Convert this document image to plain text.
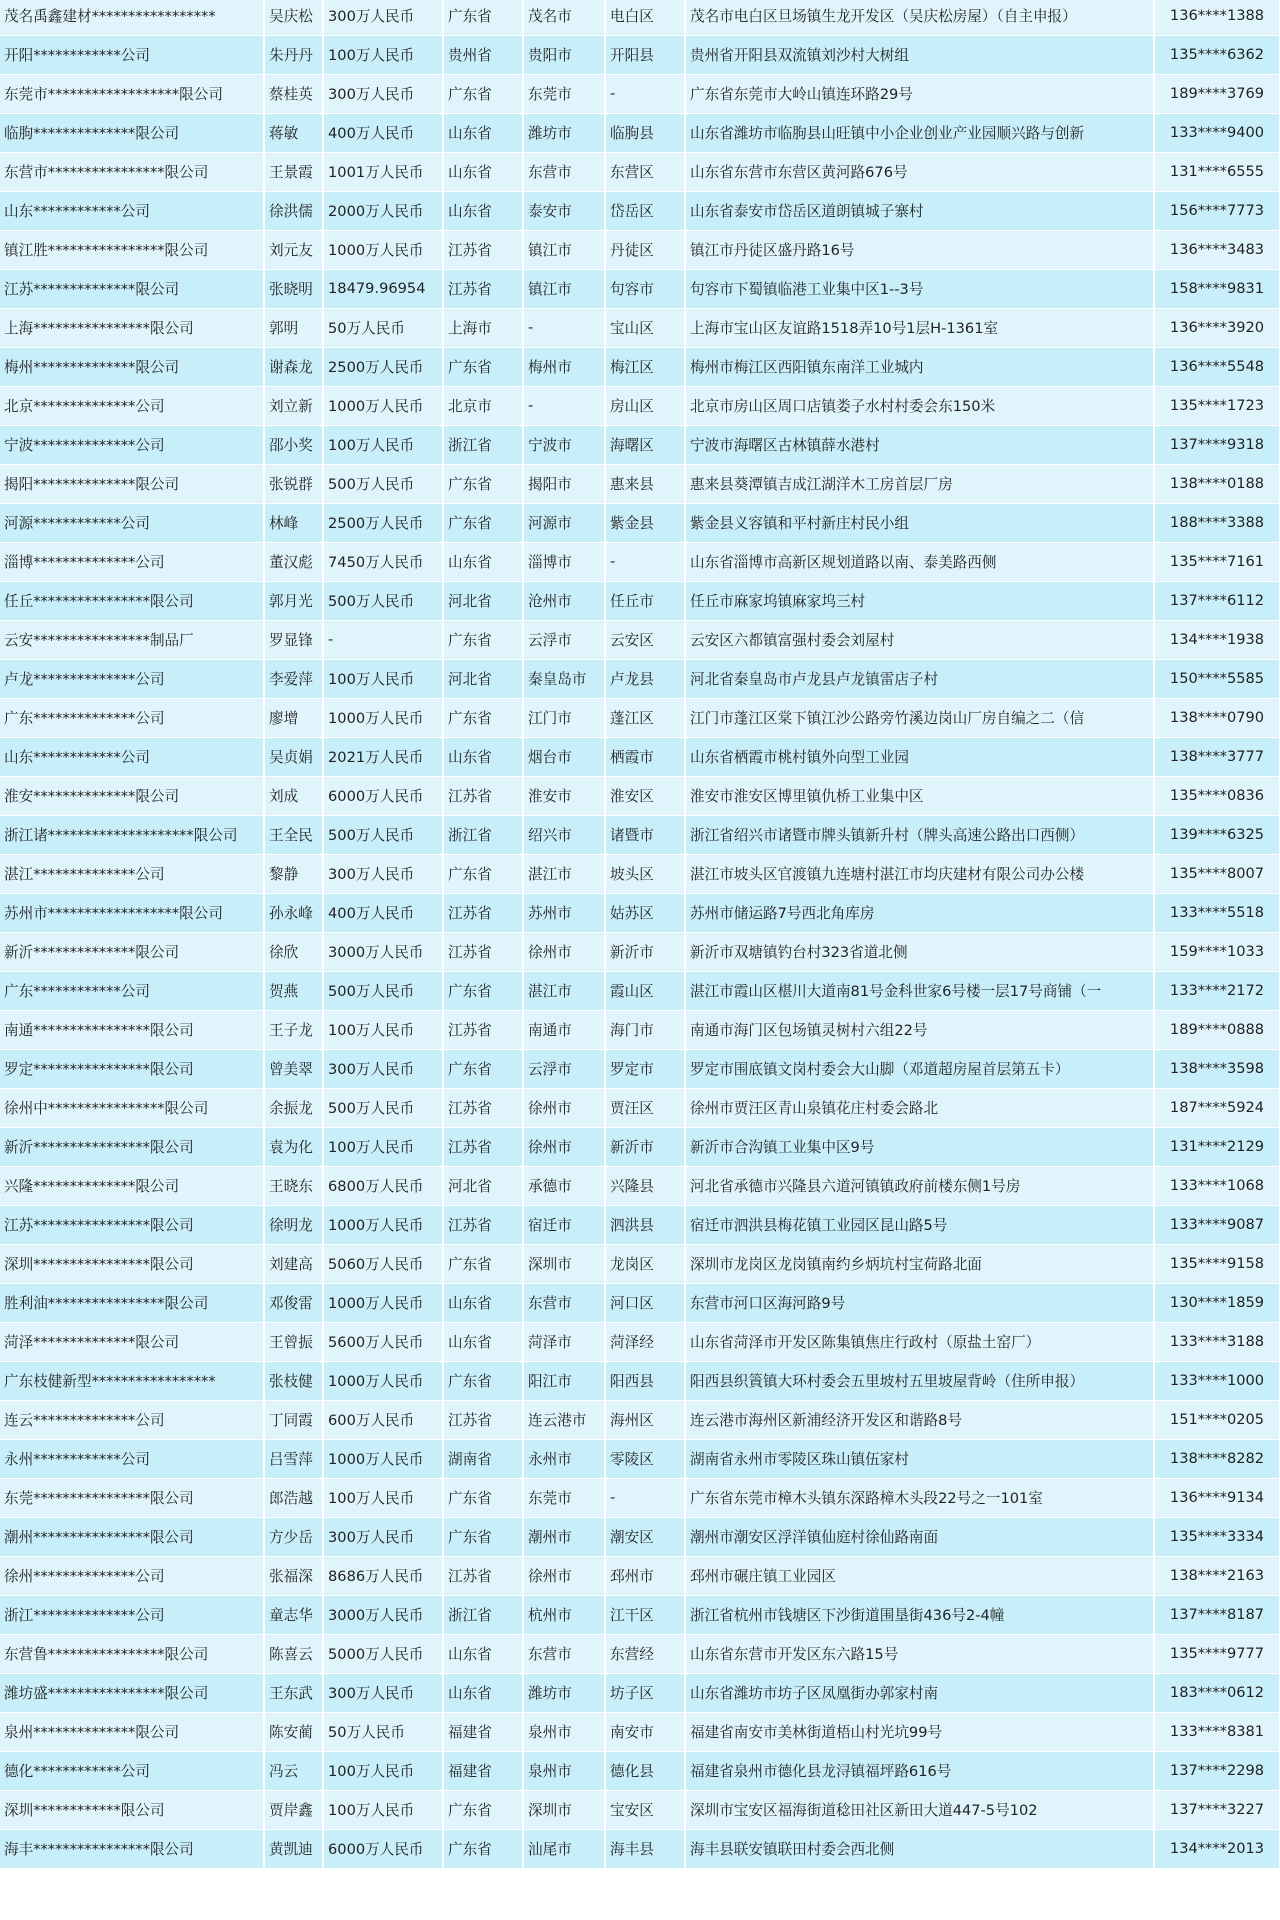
茂名禹鑫建材*****************	吴庆松	300万人民币	广东省	茂名市	电白区	茂名市电白区旦场镇生龙开发区（吴庆松房屋）（自主申报）	136****1388
开阳************公司	朱丹丹	100万人民币	贵州省	贵阳市	开阳县	贵州省开阳县双流镇刘沙村大树组	135****6362
东莞市******************限公司	蔡桂英	300万人民币	广东省	东莞市	-	广东省东莞市大岭山镇连环路29号	189****3769
临朐**************限公司	蒋敏	400万人民币	山东省	潍坊市	临朐县	山东省潍坊市临朐县山旺镇中小企业创业产业园顺兴路与创新	133****9400
东营市****************限公司	王景霞	1001万人民币	山东省	东营市	东营区	山东省东营市东营区黄河路676号	131****6555
山东************公司	徐洪儒	2000万人民币	山东省	泰安市	岱岳区	山东省泰安市岱岳区道朗镇城子寨村	156****7773
镇江胜****************限公司	刘元友	1000万人民币	江苏省	镇江市	丹徒区	镇江市丹徒区盛丹路16号	136****3483
江苏**************限公司	张晓明	18479.96954	江苏省	镇江市	句容市	句容市下蜀镇临港工业集中区1--3号	158****9831
上海****************限公司	郭明	50万人民币	上海市	-	宝山区	上海市宝山区友谊路1518弄10号1层H-1361室	136****3920
梅州**************限公司	谢森龙	2500万人民币	广东省	梅州市	梅江区	梅州市梅江区西阳镇东南洋工业城内	136****5548
北京**************公司	刘立新	1000万人民币	北京市	-	房山区	北京市房山区周口店镇娄子水村村委会东150米	135****1723
宁波**************公司	邵小奖	100万人民币	浙江省	宁波市	海曙区	宁波市海曙区古林镇薛水港村	137****9318
揭阳**************限公司	张锐群	500万人民币	广东省	揭阳市	惠来县	惠来县葵潭镇吉成江湖洋木工房首层厂房	138****0188
河源************公司	林峰	2500万人民币	广东省	河源市	紫金县	紫金县义容镇和平村新庄村民小组	188****3388
淄博**************公司	董汉彪	7450万人民币	山东省	淄博市	-	山东省淄博市高新区规划道路以南、泰美路西侧	135****7161
任丘****************限公司	郭月光	500万人民币	河北省	沧州市	任丘市	任丘市麻家坞镇麻家坞三村	137****6112
云安****************制品厂	罗显锋	-	广东省	云浮市	云安区	云安区六都镇富强村委会刘屋村	134****1938
卢龙**************公司	李爱萍	100万人民币	河北省	秦皇岛市	卢龙县	河北省秦皇岛市卢龙县卢龙镇雷店子村	150****5585
广东**************公司	廖增	1000万人民币	广东省	江门市	蓬江区	江门市蓬江区棠下镇江沙公路旁竹溪边岗山厂房自编之二（信	138****0790
山东************公司	吴贞娟	2021万人民币	山东省	烟台市	栖霞市	山东省栖霞市桃村镇外向型工业园	138****3777
淮安**************限公司	刘成	6000万人民币	江苏省	淮安市	淮安区	淮安市淮安区博里镇仇桥工业集中区	135****0836
浙江诸********************限公司	王全民	500万人民币	浙江省	绍兴市	诸暨市	浙江省绍兴市诸暨市牌头镇新升村（牌头高速公路出口西侧）	139****6325
湛江**************公司	黎静	300万人民币	广东省	湛江市	坡头区	湛江市坡头区官渡镇九连塘村湛江市均庆建材有限公司办公楼	135****8007
苏州市******************限公司	孙永峰	400万人民币	江苏省	苏州市	姑苏区	苏州市储运路7号西北角库房	133****5518
新沂**************限公司	徐欣	3000万人民币	江苏省	徐州市	新沂市	新沂市双塘镇钓台村323省道北侧	159****1033
广东************公司	贺燕	500万人民币	广东省	湛江市	霞山区	湛江市霞山区椹川大道南81号金科世家6号楼一层17号商铺（一	133****2172
南通****************限公司	王子龙	100万人民币	江苏省	南通市	海门市	南通市海门区包场镇灵树村六组22号	189****0888
罗定****************限公司	曾美翠	300万人民币	广东省	云浮市	罗定市	罗定市围底镇文岗村委会大山脚（邓道超房屋首层第五卡）	138****3598
徐州中****************限公司	余振龙	500万人民币	江苏省	徐州市	贾汪区	徐州市贾汪区青山泉镇花庄村委会路北	187****5924
新沂****************限公司	袁为化	100万人民币	江苏省	徐州市	新沂市	新沂市合沟镇工业集中区9号	131****2129
兴隆**************限公司	王晓东	6800万人民币	河北省	承德市	兴隆县	河北省承德市兴隆县六道河镇镇政府前楼东侧1号房	133****1068
江苏****************限公司	徐明龙	1000万人民币	江苏省	宿迁市	泗洪县	宿迁市泗洪县梅花镇工业园区昆山路5号	133****9087
深圳****************限公司	刘建高	5060万人民币	广东省	深圳市	龙岗区	深圳市龙岗区龙岗镇南约乡炳坑村宝荷路北面	135****9158
胜利油****************限公司	邓俊雷	1000万人民币	山东省	东营市	河口区	东营市河口区海河路9号	130****1859
菏泽**************限公司	王曾振	5600万人民币	山东省	菏泽市	菏泽经	山东省菏泽市开发区陈集镇焦庄行政村（原盐土窑厂）	133****3188
广东枝健新型*****************	张枝健	1000万人民币	广东省	阳江市	阳西县	阳西县织篢镇大环村委会五里坡村五里坡屋背岭（住所申报）	133****1000
连云**************公司	丁同霞	600万人民币	江苏省	连云港市	海州区	连云港市海州区新浦经济开发区和谐路8号	151****0205
永州************公司	吕雪萍	1000万人民币	湖南省	永州市	零陵区	湖南省永州市零陵区珠山镇伍家村	138****8282
东莞****************限公司	郎浩越	100万人民币	广东省	东莞市	-	广东省东莞市樟木头镇东深路樟木头段22号之一101室	136****9134
潮州****************限公司	方少岳	300万人民币	广东省	潮州市	潮安区	潮州市潮安区浮洋镇仙庭村徐仙路南面	135****3334
徐州**************公司	张福深	8686万人民币	江苏省	徐州市	邳州市	邳州市碾庄镇工业园区	138****2163
浙江**************公司	童志华	3000万人民币	浙江省	杭州市	江干区	浙江省杭州市钱塘区下沙街道围垦街436号2-4幢	137****8187
东营鲁****************限公司	陈喜云	5000万人民币	山东省	东营市	东营经	山东省东营市开发区东六路15号	135****9777
潍坊盛****************限公司	王东武	300万人民币	山东省	潍坊市	坊子区	山东省潍坊市坊子区凤凰街办郭家村南	183****0612
泉州**************限公司	陈安蔺	50万人民币	福建省	泉州市	南安市	福建省南安市美林街道梧山村光坑99号	133****8381
德化************公司	冯云	100万人民币	福建省	泉州市	德化县	福建省泉州市德化县龙浔镇福坪路616号	137****2298
深圳************限公司	贾岸鑫	100万人民币	广东省	深圳市	宝安区	深圳市宝安区福海街道稔田社区新田大道447-5号102	137****3227
海丰****************限公司	黄凯迪	6000万人民币	广东省	汕尾市	海丰县	海丰县联安镇联田村委会西北侧	134****2013
